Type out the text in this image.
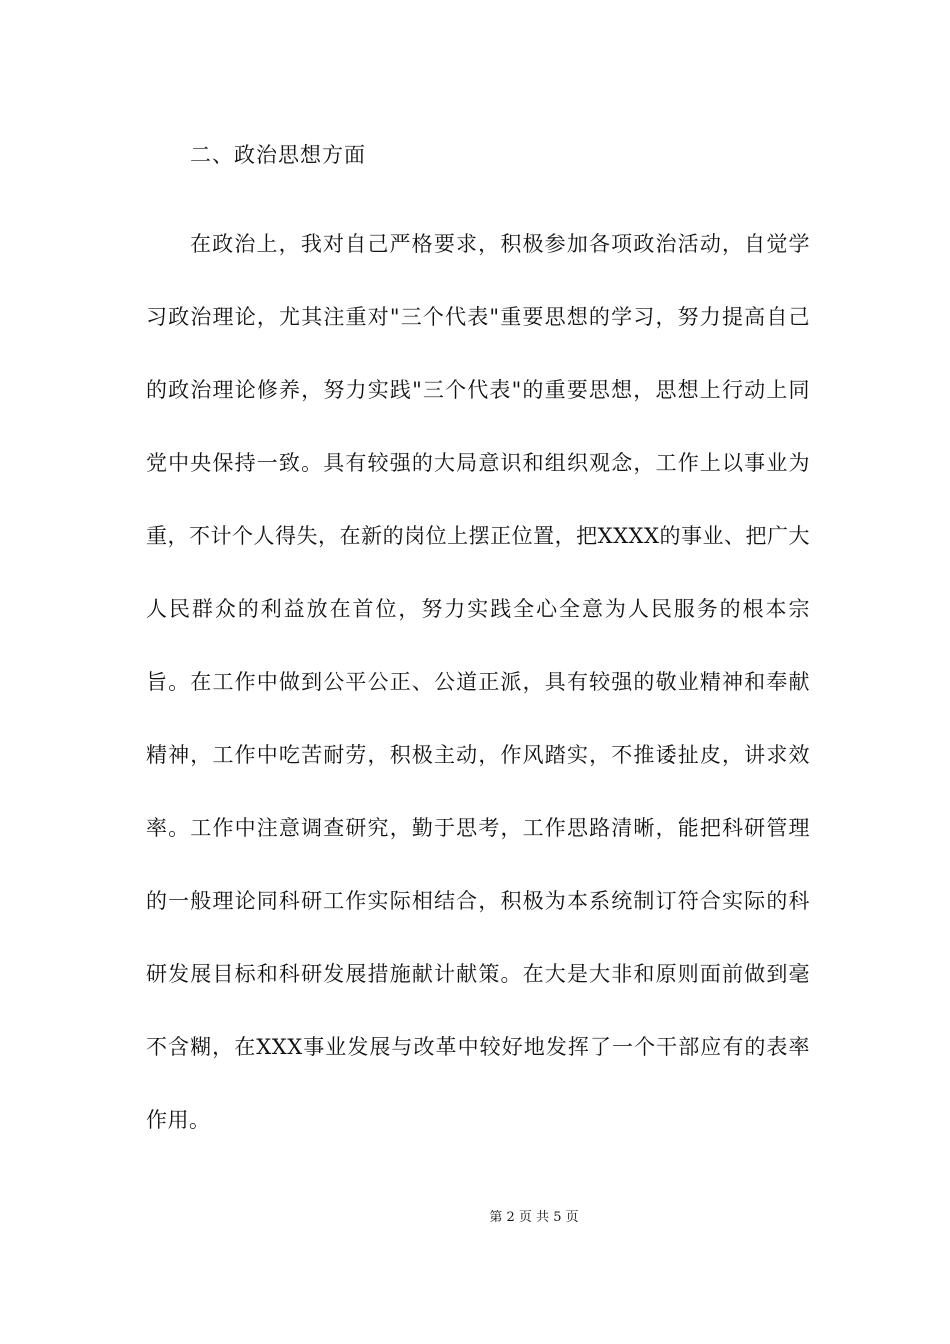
二、政治思想方面

在政治上，我对自己严格要求，积极参加各项政治活动，自觉学习政治理论，尤其注重对"三个代表"重要思想的学习，努力提高自己的政治理论修养，努力实践"三个代表"的重要思想，思想上行动上同党中央保持一致。具有较强的大局意识和组织观念，工作上以事业为重，不计个人得失，在新的岗位上摆正位置，把XXXX的事业、把广大人民群众的利益放在首位，努力实践全心全意为人民服务的根本宗旨。在工作中做到公平公正、公道正派，具有较强的敬业精神和奉献精神，工作中吃苦耐劳，积极主动，作风踏实，不推诿扯皮，讲求效率。工作中注意调查研究，勤于思考，工作思路清晰，能把科研管理的一般理论同科研工作实际相结合，积极为本系统制订符合实际的科研发展目标和科研发展措施献计献策。在大是大非和原则面前做到毫不含糊，在XXX事业发展与改革中较好地发挥了一个干部应有的表率作用。

第 2 页 共 5 页
